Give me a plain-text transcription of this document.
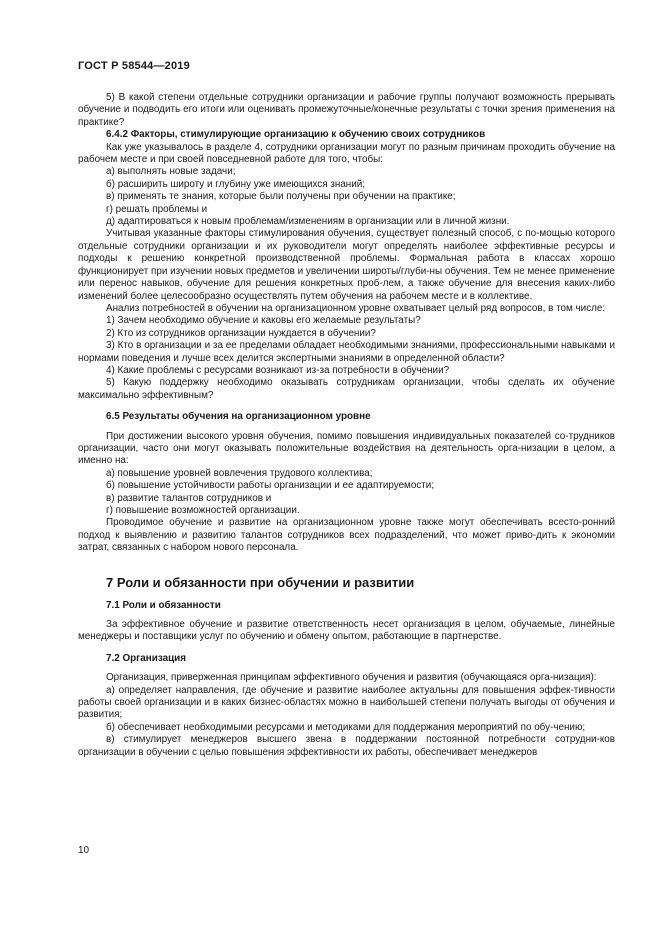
ГОСТ Р 58544—2019

5) В какой степени отдельные сотрудники организации и рабочие группы получают возможность прерывать обучение и подводить его итоги или оценивать промежуточные/конечные результаты с точки зрения применения на практике?

6.4.2 Факторы, стимулирующие организацию к обучению своих сотрудников

Как уже указывалось в разделе 4, сотрудники организации могут по разным причинам проходить обучение на рабочем месте и при своей повседневной работе для того, чтобы:

а) выполнять новые задачи;

б) расширить широту и глубину уже имеющихся знаний;

в) применять те знания, которые были получены при обучении на практике;

г) решать проблемы и

д) адаптироваться к новым проблемам/изменениям в организации или в личной жизни.

Учитывая указанные факторы стимулирования обучения, существует полезный способ, с по-мощью которого отдельные сотрудники организации и их руководители могут определять наиболее эффективные ресурсы и подходы к решению конкретной производственной проблемы. Формальная работа в классах хорошо функционирует при изучении новых предметов и увеличении широты/глуби-ны обучения. Тем не менее применение или перенос навыков, обучение для решения конкретных проб-лем, а также обучение для внесения каких-либо изменений более целесообразно осуществлять путем обучения на рабочем месте и в коллективе.

Анализ потребностей в обучении на организационном уровне охватывает целый ряд вопросов, в том числе:

1) Зачем необходимо обучение и каковы его желаемые результаты?

2) Кто из сотрудников организации нуждается в обучении?

3) Кто в организации и за ее пределами обладает необходимыми знаниями, профессиональными навыками и нормами поведения и лучше всех делится экспертными знаниями в определенной области?

4) Какие проблемы с ресурсами возникают из-за потребности в обучении?

5) Какую поддержку необходимо оказывать сотрудникам организации, чтобы сделать их обучение максимально эффективным?

6.5 Результаты обучения на организационном уровне

При достижении высокого уровня обучения, помимо повышения индивидуальных показателей со-трудников организации, часто они могут оказывать положительные воздействия на деятельность орга-низации в целом, а именно на:

а) повышение уровней вовлечения трудового коллектива;

б) повышение устойчивости работы организации и ее адаптируемости;

в) развитие талантов сотрудников и

г) повышение возможностей организации.

Проводимое обучение и развитие на организационном уровне также могут обеспечивать всесто-ронний подход к выявлению и развитию талантов сотрудников всех подразделений, что может приво-дить к экономии затрат, связанных с набором нового персонала.

7 Роли и обязанности при обучении и развитии

7.1 Роли и обязанности

За эффективное обучение и развитие ответственность несет организация в целом, обучаемые, линейные менеджеры и поставщики услуг по обучению и обмену опытом, работающие в партнерстве.

7.2 Организация

Организация, приверженная принципам эффективного обучения и развития (обучающаяся орга-низация):

а) определяет направления, где обучение и развитие наиболее актуальны для повышения эффек-тивности работы своей организации и в каких бизнес-областях можно в наибольшей степени получать выгоды от обучения и развития;

б) обеспечивает необходимыми ресурсами и методиками для поддержания мероприятий по обу-чению;

в) стимулирует менеджеров высшего звена в поддержании постоянной потребности сотрудни-ков организации в обучении с целью повышения эффективности их работы, обеспечивает менеджеров

10
